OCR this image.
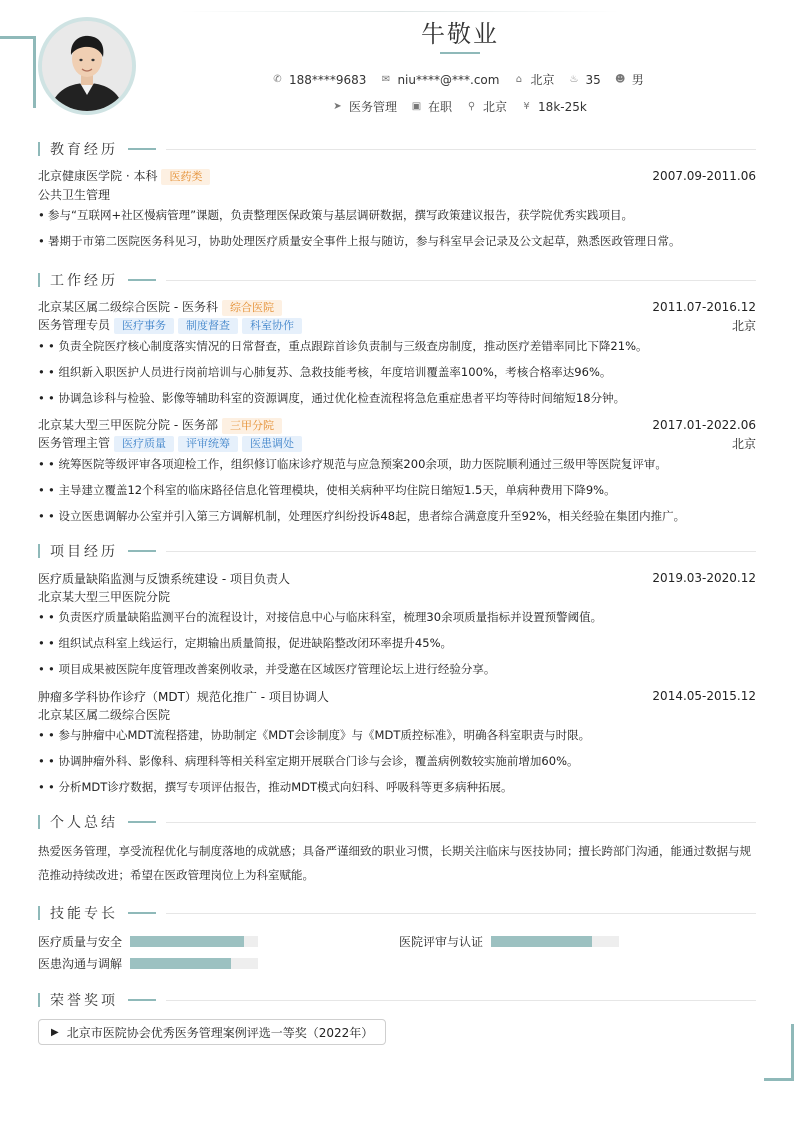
牛敬业
✆ 188****9683 ✉ niu****@***.com ⌂ 北京 ♨ 35 ☻ 男
➤ 医务管理 ▣ 在职 ⚲ 北京 ¥ 18k-25k
教育经历
北京健康医学院 · 本科 医药类	2007.09-2011.06
公共卫生管理
• 参与“互联网+社区慢病管理”课题，负责整理医保政策与基层调研数据，撰写政策建议报告，获学院优秀实践项目。
• 暑期于市第二医院医务科见习，协助处理医疗质量安全事件上报与随访，参与科室早会记录及公文起草，熟悉医政管理日常。
工作经历
北京某区属二级综合医院 - 医务科 综合医院	2011.07-2016.12
医务管理专员 医疗事务 制度督查 科室协作	北京
• • 负责全院医疗核心制度落实情况的日常督查，重点跟踪首诊负责制与三级查房制度，推动医疗差错率同比下降21%。
• • 组织新入职医护人员进行岗前培训与心肺复苏、急救技能考核，年度培训覆盖率100%，考核合格率达96%。
• • 协调急诊科与检验、影像等辅助科室的资源调度，通过优化检查流程将急危重症患者平均等待时间缩短18分钟。
北京某大型三甲医院分院 - 医务部 三甲分院	2017.01-2022.06
医务管理主管 医疗质量 评审统筹 医患调处	北京
• • 统筹医院等级评审各项迎检工作，组织修订临床诊疗规范与应急预案200余项，助力医院顺利通过三级甲等医院复评审。
• • 主导建立覆盖12个科室的临床路径信息化管理模块，使相关病种平均住院日缩短1.5天，单病种费用下降9%。
• • 设立医患调解办公室并引入第三方调解机制，处理医疗纠纷投诉48起，患者综合满意度升至92%，相关经验在集团内推广。
项目经历
医疗质量缺陷监测与反馈系统建设 - 项目负责人	2019.03-2020.12
北京某大型三甲医院分院
• • 负责医疗质量缺陷监测平台的流程设计，对接信息中心与临床科室，梳理30余项质量指标并设置预警阈值。
• • 组织试点科室上线运行，定期输出质量简报，促进缺陷整改闭环率提升45%。
• • 项目成果被医院年度管理改善案例收录，并受邀在区域医疗管理论坛上进行经验分享。
肿瘤多学科协作诊疗（MDT）规范化推广 - 项目协调人	2014.05-2015.12
北京某区属二级综合医院
• • 参与肿瘤中心MDT流程搭建，协助制定《MDT会诊制度》与《MDT质控标准》，明确各科室职责与时限。
• • 协调肿瘤外科、影像科、病理科等相关科室定期开展联合门诊与会诊，覆盖病例数较实施前增加60%。
• • 分析MDT诊疗数据，撰写专项评估报告，推动MDT模式向妇科、呼吸科等更多病种拓展。
个人总结
热爱医务管理，享受流程优化与制度落地的成就感；具备严谨细致的职业习惯，长期关注临床与医技协同；擅长跨部门沟通，能通过数据与规范推动持续改进；希望在医政管理岗位上为科室赋能。
技能专长
医疗质量与安全	医院评审与认证
医患沟通与调解
荣誉奖项
▶ 北京市医院协会优秀医务管理案例评选一等奖（2022年）
